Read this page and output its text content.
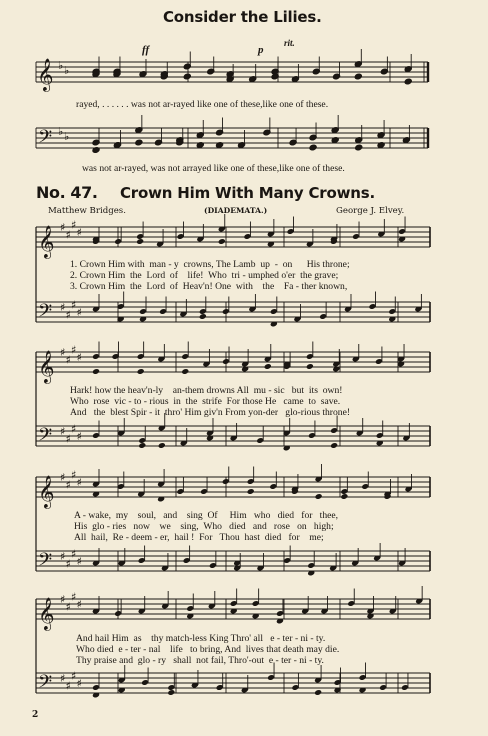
Consider the Lilies.
𝄞
𝄢
♭ ♭
♭ ♭
ff	p
rit.
rayed, . . . . . . was not ar-rayed like one of these,like one of these.
was not ar-rayed, was not arrayed like one of these,like one of these.
No. 47. Crown Him With Many Crowns.
Matthew Bridges.	(DIADEMATA.)	George J. Elvey.
𝄞 ♯
♯
♯
♯
𝄢 ♯
♯
♯
♯
𝄞 ♯
♯
♯
♯
𝄢 ♯
♯
♯
♯
𝄞 ♯
♯
♯
♯
𝄢 ♯
♯
♯
♯
𝄞 ♯
♯
♯
♯
𝄢 ♯
♯
♯
♯
1. Crown Him with  man - y  crowns, The Lamb  up  -  on      His throne;
2. Crown Him  the  Lord  of    life!  Who  tri - umphed o'er  the grave;
3. Crown Him  the  Lord  of  Heav'n! One  with    the    Fa - ther known,
Hark! how the heav'n-ly    an-them drowns All  mu - sic   but  its  own!
Who  rose  vic - to - rious  in  the  strife  For those He   came  to  save.
And   the  blest Spir - it  thro' Him giv'n From yon-der   glo-rious throne!
A - wake,  my    soul,   and    sing  Of     Him   who   died   for   thee,
His  glo - ries   now    we    sing,  Who   died   and   rose   on   high;
All  hail,  Re - deem - er,  hail !  For   Thou  hast  died   for    me;
And hail Him  as    thy match-less King Thro' all   e - ter - ni - ty.
Who died  e - ter - nal    life   to bring, And  lives that death may die.
Thy praise and  glo - ry   shall  not fail, Thro'-out  e - ter - ni - ty.
2
